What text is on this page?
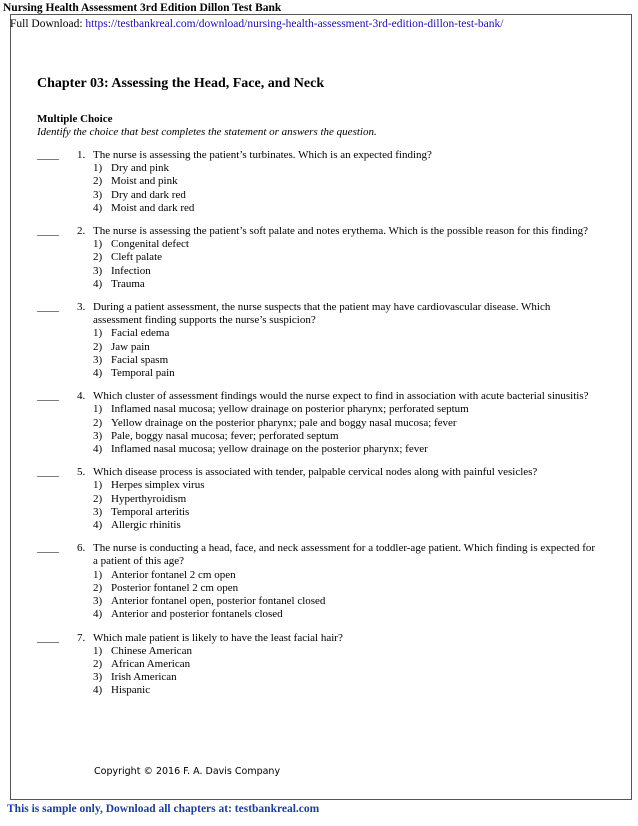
Nursing Health Assessment 3rd Edition Dillon Test Bank
Full Download: https://testbankreal.com/download/nursing-health-assessment-3rd-edition-dillon-test-bank/
Chapter 03: Assessing the Head, Face, and Neck
Multiple Choice
Identify the choice that best completes the statement or answers the question.
____ 1. The nurse is assessing the patient’s turbinates. Which is an expected finding?
1) Dry and pink
2) Moist and pink
3) Dry and dark red
4) Moist and dark red
____ 2. The nurse is assessing the patient’s soft palate and notes erythema. Which is the possible reason for this finding?
1) Congenital defect
2) Cleft palate
3) Infection
4) Trauma
____ 3. During a patient assessment, the nurse suspects that the patient may have cardiovascular disease. Which assessment finding supports the nurse’s suspicion?
1) Facial edema
2) Jaw pain
3) Facial spasm
4) Temporal pain
____ 4. Which cluster of assessment findings would the nurse expect to find in association with acute bacterial sinusitis?
1) Inflamed nasal mucosa; yellow drainage on posterior pharynx; perforated septum
2) Yellow drainage on the posterior pharynx; pale and boggy nasal mucosa; fever
3) Pale, boggy nasal mucosa; fever; perforated septum
4) Inflamed nasal mucosa; yellow drainage on the posterior pharynx; fever
____ 5. Which disease process is associated with tender, palpable cervical nodes along with painful vesicles?
1) Herpes simplex virus
2) Hyperthyroidism
3) Temporal arteritis
4) Allergic rhinitis
____ 6. The nurse is conducting a head, face, and neck assessment for a toddler-age patient. Which finding is expected for a patient of this age?
1) Anterior fontanel 2 cm open
2) Posterior fontanel 2 cm open
3) Anterior fontanel open, posterior fontanel closed
4) Anterior and posterior fontanels closed
____ 7. Which male patient is likely to have the least facial hair?
1) Chinese American
2) African American
3) Irish American
4) Hispanic
Copyright © 2016 F. A. Davis Company
This is sample only, Download all chapters at: testbankreal.com
